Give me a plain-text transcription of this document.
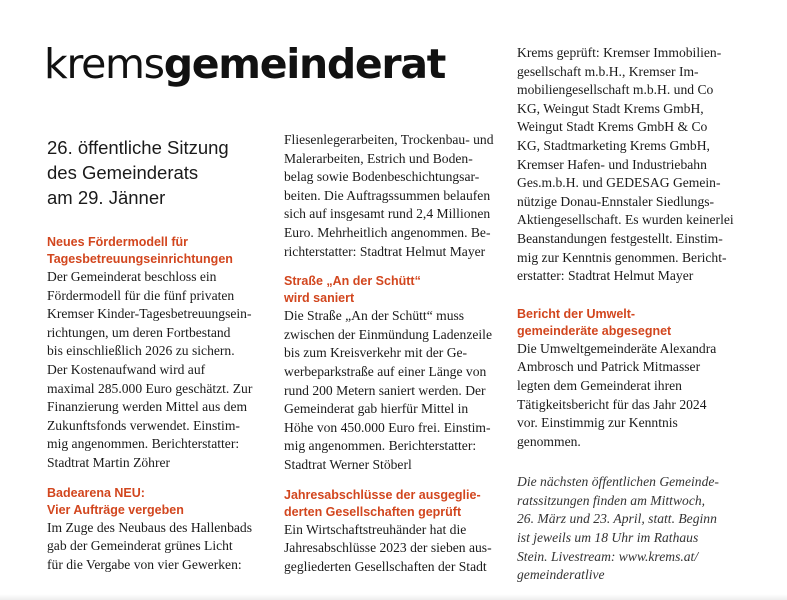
kremsgemeinderat
26. öffentliche Sitzung
des Gemeinderats
am 29. Jänner
Neues Fördermodell für
Tagesbetreuungseinrichtungen

Der Gemeinderat beschloss ein
Fördermodell für die fünf privaten
Kremser Kinder-Tagesbetreuungsein-
richtungen, um deren Fortbestand
bis einschließlich 2026 zu sichern.
Der Kostenaufwand wird auf
maximal 285.000 Euro geschätzt. Zur
Finanzierung werden Mittel aus dem
Zukunftsfonds verwendet. Einstim-
mig angenommen. Berichterstatter:
Stadtrat Martin Zöhrer

Badearena NEU:
Vier Aufträge vergeben

Im Zuge des Neubaus des Hallenbads
gab der Gemeinderat grünes Licht
für die Vergabe von vier Gewerken:

Fliesenlegerarbeiten, Trockenbau- und
Malerarbeiten, Estrich und Boden-
belag sowie Bodenbeschichtungsar-
beiten. Die Auftragssummen belaufen
sich auf insgesamt rund 2,4 Millionen
Euro. Mehrheitlich angenommen. Be-
richterstatter: Stadtrat Helmut Mayer

Straße „An der Schütt“
wird saniert

Die Straße „An der Schütt“ muss
zwischen der Einmündung Ladenzeile
bis zum Kreisverkehr mit der Ge-
werbeparkstraße auf einer Länge von
rund 200 Metern saniert werden. Der
Gemeinderat gab hierfür Mittel in
Höhe von 450.000 Euro frei. Einstim-
mig angenommen. Berichterstatter:
Stadtrat Werner Stöberl

Jahresabschlüsse der ausgeglie-
derten Gesellschaften geprüft

Ein Wirtschaftstreuhänder hat die
Jahresabschlüsse 2023 der sieben aus-
gegliederten Gesellschaften der Stadt

Krems geprüft: Kremser Immobilien-
gesellschaft m.b.H., Kremser Im-
mobiliengesellschaft m.b.H. und Co
KG, Weingut Stadt Krems GmbH,
Weingut Stadt Krems GmbH & Co
KG, Stadtmarketing Krems GmbH,
Kremser Hafen- und Industriebahn
Ges.m.b.H. und GEDESAG Gemein-
nützige Donau-Ennstaler Siedlungs-
Aktiengesellschaft. Es wurden keinerlei
Beanstandungen festgestellt. Einstim-
mig zur Kenntnis genommen. Bericht-
erstatter: Stadtrat Helmut Mayer

Bericht der Umwelt-
gemeinderäte abgesegnet

Die Umweltgemeinderäte Alexandra
Ambrosch und Patrick Mitmasser
legten dem Gemeinderat ihren
Tätigkeitsbericht für das Jahr 2024
vor. Einstimmig zur Kenntnis
genommen.

Die nächsten öffentlichen Gemeinde-
ratssitzungen finden am Mittwoch,
26. März und 23. April, statt. Beginn
ist jeweils um 18 Uhr im Rathaus
Stein. Livestream: www.krems.at/
gemeinderatlive
